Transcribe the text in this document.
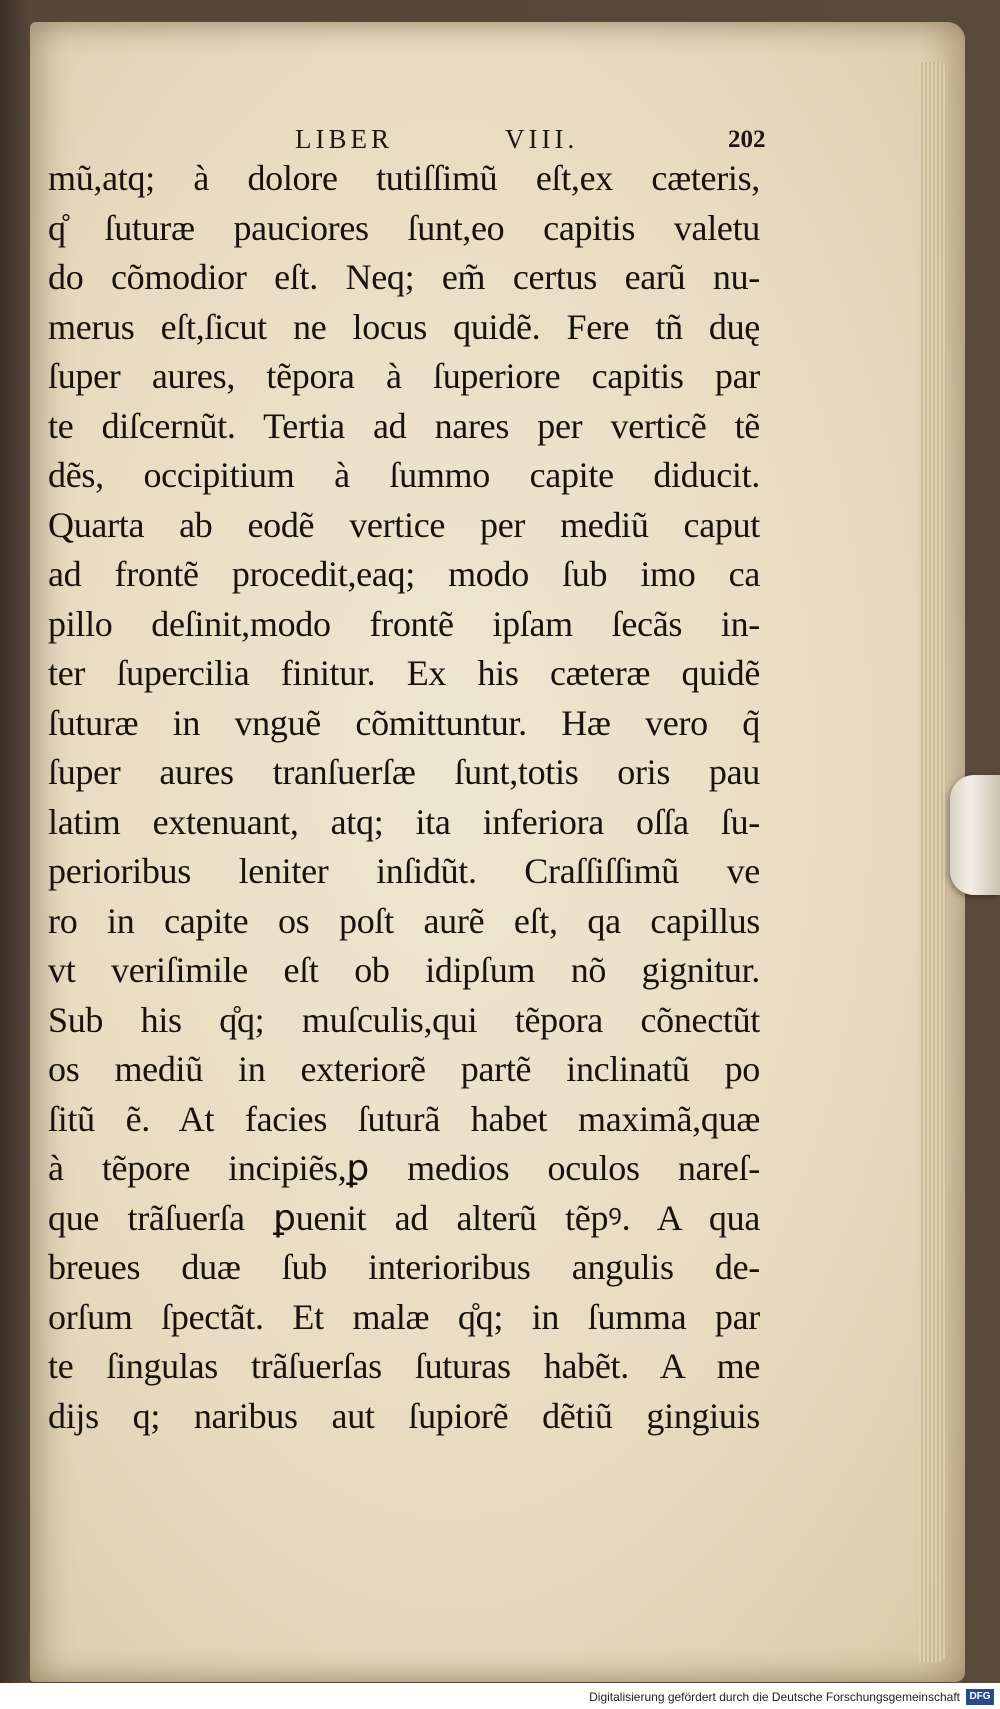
LIBER	VIII.	202
mũ,atq; à dolore tutiſſimũ eſt,ex cæteris,
q̊ ſuturæ pauciores ſunt,eo capitis valetu
do cõmodior eſt. Neq; em̃ certus earũ nu-
merus eſt,ſicut ne locus quidẽ. Fere tñ duę
ſuper aures, tẽpora à ſuperiore capitis par
te diſcernũt. Tertia ad nares per verticẽ tẽ
dẽs, occipitium à ſummo capite diducit.
Quarta ab eodẽ vertice per mediũ caput
ad frontẽ procedit,eaq; modo ſub imo ca
pillo deſinit,modo frontẽ ipſam ſecãs in-
ter ſupercilia finitur. Ex his cæteræ quidẽ
ſuturæ in vnguẽ cõmittuntur. Hæ vero q̃
ſuper aures tranſuerſæ ſunt,totis oris pau
latim extenuant, atq; ita inferiora oſſa ſu-
perioribus leniter inſidũt. Craſſiſſimũ ve
ro in capite os poſt aurẽ eſt, qa capillus
vt veriſimile eſt ob idipſum nõ gignitur.
Sub his q̊q; muſculis,qui tẽpora cõnectũt
os mediũ in exteriorẽ partẽ inclinatũ po
ſitũ ẽ. At facies ſuturã habet maximã,quæ
à tẽpore incipiẽs,ꝑ medios oculos nareſ-
que trãſuerſa ꝑuenit ad alterũ tẽpꝰ. A qua
breues duæ ſub interioribus angulis de-
orſum ſpectãt. Et malæ q̊q; in ſumma par
te ſingulas trãſuerſas ſuturas habẽt. A me
dijs q; naribus aut ſupiorẽ dẽtiũ gingiuis
Digitalisierung gefördert durch die Deutsche Forschungsgemeinschaft DFG
